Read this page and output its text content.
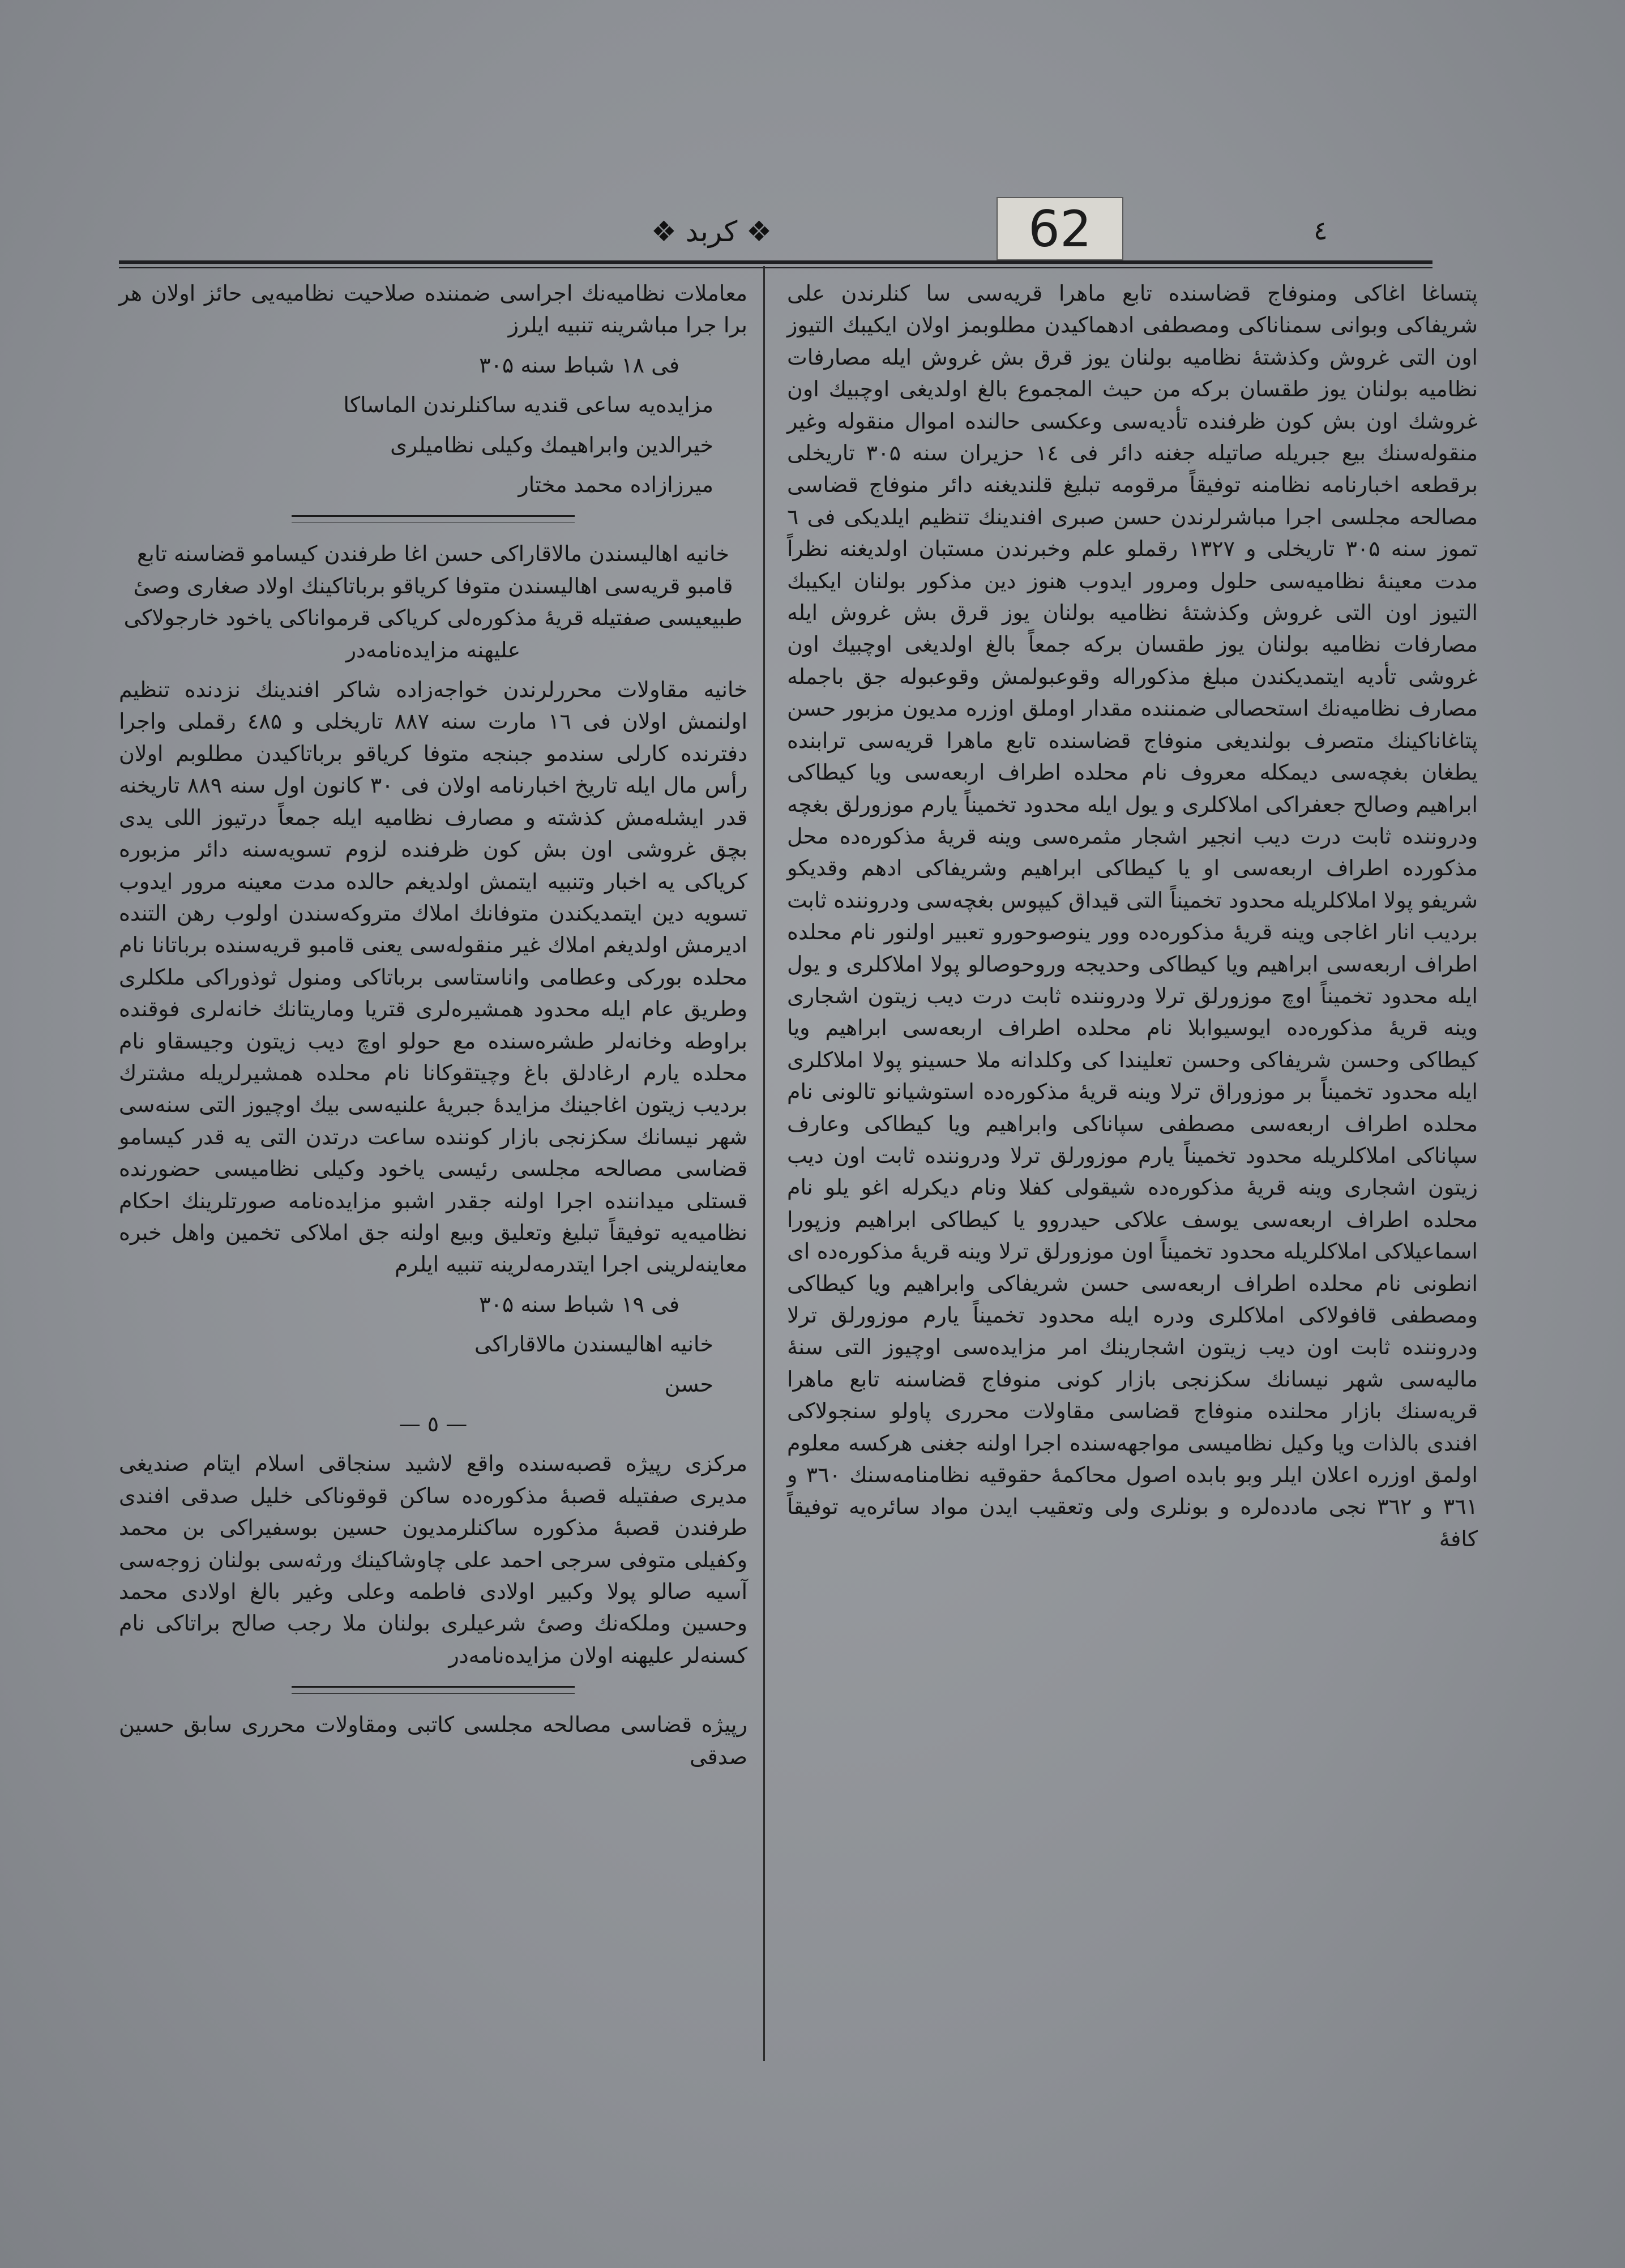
٤
❖ کربد ❖	62

پتساغا اغاکی ومنوفاج قضاسنده تابع ماهرا قریه‌سی سا کنلرندن علی شریفاکی وبوانی سمناناکی ومصطفی ادهماکیدن مطلوبمز اولان ایکیبك التیوز اون التی غروش وکذشتهٔ نظامیه بولنان یوز قرق بش غروش ایله مصارفات نظامیه بولنان یوز طقسان برکه من حیث المجموع بالغ اولدیغی اوچبیك اون غروشك اون بش کون ظرفنده تأدیه‌سی وعکسی حالنده اموال منقوله وغیر منقوله‌سنك بیع جبریله صاتیله جغنه دائر فی ۱٤ حزیران سنه ۳۰۵ تاریخلی برقطعه اخبارنامه نظامنه توفیقاً مرقومه تبلیغ قلندیغنه دائر منوفاج قضاسی مصالحه مجلسی اجرا مباشرلرندن حسن صبری افندینك تنظیم ایلدیکی فی ٦ تموز سنه ۳۰۵ تاریخلی و ۱۳۲۷ رقملو علم وخبرندن مستبان اولدیغنه نظراً مدت معینهٔ نظامیه‌سی حلول ومرور ایدوب هنوز دین مذکور بولنان ایکیبك التیوز اون التی غروش وکذشتهٔ نظامیه بولنان یوز قرق بش غروش ایله مصارفات نظامیه بولنان یوز طقسان برکه جمعاً بالغ اولدیغی اوچبیك اون غروشی تأدیه ایتمدیکندن مبلغ مذکوراله وقوعبولمش وقوعبوله جق باجمله مصارف نظامیه‌نك استحصالی ضمننده مقدار اوملق اوزره مدیون مزبور حسن پتاغاناکینك متصرف بولندیغی منوفاج قضاسنده تابع ماهرا قریه‌سی ترابنده یطغان بغچه‌سی دیمکله معروف نام محلده اطراف اربعه‌سی ویا کیطاکی ابراهیم وصالح جعفراکی املاکلری و یول ایله محدود تخمیناً یارم موزورلق بغچه ودروننده ثابت درت دیب انجیر اشجار مثمره‌سی وینه قریهٔ مذکوره‌ده محل مذکورده اطراف اربعه‌سی او یا کیطاکی ابراهیم وشریفاکی ادهم وقدیکو شریفو پولا املاکلریله محدود تخمیناً التی قیداق کیپوس بغچه‌سی ودروننده ثابت بردیب انار اغاجی وینه قریهٔ مذکوره‌ده وور ینوصوحورو تعبیر اولنور نام محلده اطراف اربعه‌سی ابراهیم ویا کیطاکی وحدیجه وروحوصالو پولا املاکلری و یول ایله محدود تخمیناً اوچ موزورلق ترلا ودروننده ثابت درت دیب زیتون اشجاری وینه قریهٔ مذکوره‌ده ایوسیوابلا نام محلده اطراف اربعه‌سی ابراهیم ویا کیطاکی وحسن شریفاکی وحسن تعلیندا کی وکلدانه ملا حسینو پولا املاکلری ایله محدود تخمیناً بر موزوراق ترلا وینه قریهٔ مذکوره‌ده استوشیانو تالونی نام محلده اطراف اربعه‌سی مصطفی سپاناکی وابراهیم ویا کیطاکی وعارف سپاناکی املاکلریله محدود تخمیناً یارم موزورلق ترلا ودروننده ثابت اون دیب زیتون اشجاری وینه قریهٔ مذکوره‌ده شیقولی کفلا ونام دیکرله اغو یلو نام محلده اطراف اربعه‌سی یوسف علاکی حیدروو یا کیطاکی ابراهیم وزپورا اسماعیلاکی املاکلریله محدود تخمیناً اون موزورلق ترلا وینه قریهٔ مذکوره‌ده ای انطونی نام محلده اطراف اربعه‌سی حسن شریفاکی وابراهیم ویا کیطاکی ومصطفی قافولاکی املاکلری ودره ایله محدود تخمیناً یارم موزورلق ترلا ودروننده ثابت اون دیب زیتون اشجارینك امر مزایده‌سی اوچیوز التی سنهٔ مالیه‌سی شهر نیسانك سکزنجی بازار کونی منوفاج قضاسنه تابع ماهرا قریه‌سنك بازار محلنده منوفاج قضاسی مقاولات محرری پاولو سنجولاکی افندی بالذات ویا وکیل نظامیسی مواجهه‌سنده اجرا اولنه جغنی هرکسه معلوم اولمق اوزره اعلان ایلر وبو بابده اصول محاکمهٔ حقوقیه نظامنامه‌سنك ۳٦۰ و ۳٦۱ و ۳٦۲ نجی مادده‌لره و بونلری ولی وتعقیب ایدن مواد سائره‌یه توفیقاً کافهٔ

معاملات نظامیه‌نك اجراسی ضمننده صلاحیت نظامیه‌یی حائز اولان هر برا جرا مباشرینه تنبیه ایلرز

فی ۱۸ شباط سنه ۳۰۵

مزایده‌یه ساعی قندیه ساکنلرندن الماساکا

خیرالدین وابراهیمك وکیلی نظامیلری

میرزازاده محمد مختار

خانیه اهالیسندن مالاقاراکی حسن اغا طرفندن کیسامو قضاسنه تابع قامبو قریه‌سی اهالیسندن متوفا کریاقو برباتاکینك اولاد صغاری وصیٔ طبیعیسی صفتیله قریهٔ مذکوره‌لی کریاکی قرمواناکی یاخود خارجولاکی علیهنه مزایده‌نامه‌در

خانیه مقاولات محررلرندن خواجه‌زاده شاکر افندینك نزدنده تنظیم اولنمش اولان فی ۱٦ مارت سنه ۸۸۷ تاریخلی و ٤۸۵ رقملی واجرا دفترنده کارلی سندمو جبنجه متوفا کریاقو برباتاکیدن مطلوبم اولان رأس مال ایله تاریخ اخبارنامه اولان فی ۳۰ کانون اول سنه ۸۸۹ تاریخنه قدر ایشله‌مش کذشته و مصارف نظامیه ایله جمعاً درتیوز اللی یدی بچق غروشی اون بش کون ظرفنده لزوم تسویه‌سنه دائر مزبوره کریاکی یه اخبار وتنبیه ایتمش اولدیغم حالده مدت معینه مرور ایدوب تسویه دین ایتمدیکندن متوفانك املاك متروکه‌سندن اولوب رهن التنده ادیرمش اولدیغم املاك غیر منقوله‌سی یعنی قامبو قریه‌سنده برباتانا نام محلده بورکی وعطامی واناستاسی برباتاکی ومنول ثوذوراکی ملکلری وطریق عام ایله محدود همشیره‌لری قتریا وماریتانك خانه‌لری فوقنده براوطه وخانه‌لر طشره‌سنده مع حولو اوچ دیب زیتون وجیسقاو نام محلده یارم ارغادلق باغ وچیتقوکانا نام محلده همشیرلریله مشترك بردیب زیتون اغاجینك مزایدهٔ جبریهٔ علنیه‌سی بیك اوچیوز التی سنه‌سی شهر نیسانك سکزنجی بازار کوننده ساعت درتدن التی یه قدر کیسامو قضاسی مصالحه مجلسی رئیسی یاخود وکیلی نظامیسی حضورنده قستلی میداننده اجرا اولنه جقدر اشبو مزایده‌نامه صورتلرینك احکام نظامیه‌یه توفیقاً تبلیغ وتعلیق وبیع اولنه جق املاکی تخمین واهل خبره معاینه‌لرینی اجرا ایتدرمه‌لرینه تنبیه ایلرم

فی ۱۹ شباط سنه ۳۰۵

خانیه اهالیسندن مالاقاراکی

حسن

— ٥ —

مرکزی رپیژه قصبه‌سنده واقع لاشید سنجاقی اسلام ایتام صندیغی مدیری صفتیله قصبهٔ مذکوره‌ده ساکن قوقوناکی خلیل صدقی افندی طرفندن قصبهٔ مذکوره ساکنلرمدیون حسین بوسفیراکی بن محمد وکفیلی متوفی سرجی احمد علی چاوشاکینك ورثه‌سی بولنان زوجه‌سی آسیه صالو پولا وکبیر اولادی فاطمه وعلی وغیر بالغ اولادی محمد وحسین وملکه‌نك وصیٔ شرعیلری بولنان ملا رجب صالح براتاکی نام کسنه‌لر علیهنه اولان مزایده‌نامه‌در

رپیژه قضاسی مصالحه مجلسی کاتبی ومقاولات محرری سابق حسین صدقی
